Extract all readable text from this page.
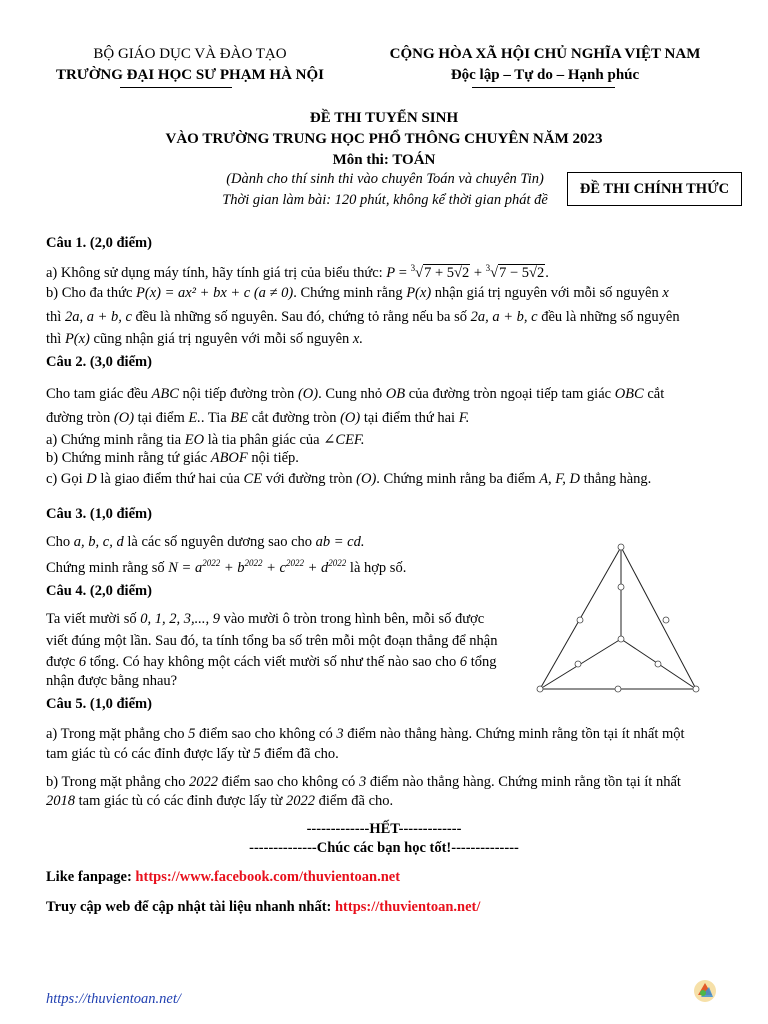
BỘ GIÁO DỤC VÀ ĐÀO TẠO
TRƯỜNG ĐẠI HỌC SƯ PHẠM HÀ NỘI
CỘNG HÒA XÃ HỘI CHỦ NGHĨA VIỆT NAM
Độc lập – Tự do – Hạnh phúc
ĐỀ THI TUYỂN SINH
VÀO TRƯỜNG TRUNG HỌC PHỔ THÔNG CHUYÊN NĂM 2023
Môn thi: TOÁN
(Dành cho thí sinh thi vào chuyên Toán và chuyên Tin)
Thời gian làm bài: 120 phút, không kể thời gian phát đề
ĐỀ THI CHÍNH THỨC
Câu 1. (2,0 điểm)
a) Không sử dụng máy tính, hãy tính giá trị của biểu thức: P = $^3$√7 + 5√2 + $^3$√7 − 5√2.
b) Cho đa thức P(x) = ax² + bx + c (a ≠ 0). Chứng minh rằng P(x) nhận giá trị nguyên với mỗi số nguyên x
thì 2a, a + b, c đều là những số nguyên. Sau đó, chứng tỏ rằng nếu ba số 2a, a + b, c đều là những số nguyên
thì P(x) cũng nhận giá trị nguyên với mỗi số nguyên x.
Câu 2. (3,0 điểm)
Cho tam giác đều ABC nội tiếp đường tròn (O). Cung nhỏ OB của đường tròn ngoại tiếp tam giác OBC cắt
đường tròn (O) tại điểm E.. Tia BE cắt đường tròn (O) tại điểm thứ hai F.
a) Chứng minh rằng tia EO là tia phân giác của ∠CEF.
b) Chứng minh rằng tứ giác ABOF nội tiếp.
c) Gọi D là giao điểm thứ hai của CE với đường tròn (O). Chứng minh rằng ba điểm A, F, D thẳng hàng.
Câu 3. (1,0 điểm)
Cho a, b, c, d là các số nguyên dương sao cho ab = cd.
Chứng minh rằng số $N = a^{2022} + b^{2022} + c^{2022} + d^{2022}$ là hợp số.
Câu 4. (2,0 điểm)
Ta viết mười số 0, 1, 2, 3,..., 9 vào mười ô tròn trong hình bên, mỗi số được
viết đúng một lần. Sau đó, ta tính tổng ba số trên mỗi một đoạn thẳng để nhận
được 6 tổng. Có hay không một cách viết mười số như thế nào sao cho 6 tổng
nhận được bằng nhau?
Câu 5. (1,0 điểm)
a) Trong mặt phẳng cho 5 điểm sao cho không có 3 điểm nào thẳng hàng. Chứng minh rằng tồn tại ít nhất một
tam giác tù có các đỉnh được lấy từ 5 điểm đã cho.
b) Trong mặt phẳng cho 2022 điểm sao cho không có 3 điểm nào thẳng hàng. Chứng minh rằng tồn tại ít nhất
2018 tam giác tù có các đỉnh được lấy từ 2022 điểm đã cho.
-------------HẾT-------------
--------------Chúc các bạn học tốt!--------------
Like fanpage: https://www.facebook.com/thuvientoan.net
Truy cập web để cập nhật tài liệu nhanh nhất: https://thuvientoan.net/
https://thuvientoan.net/
